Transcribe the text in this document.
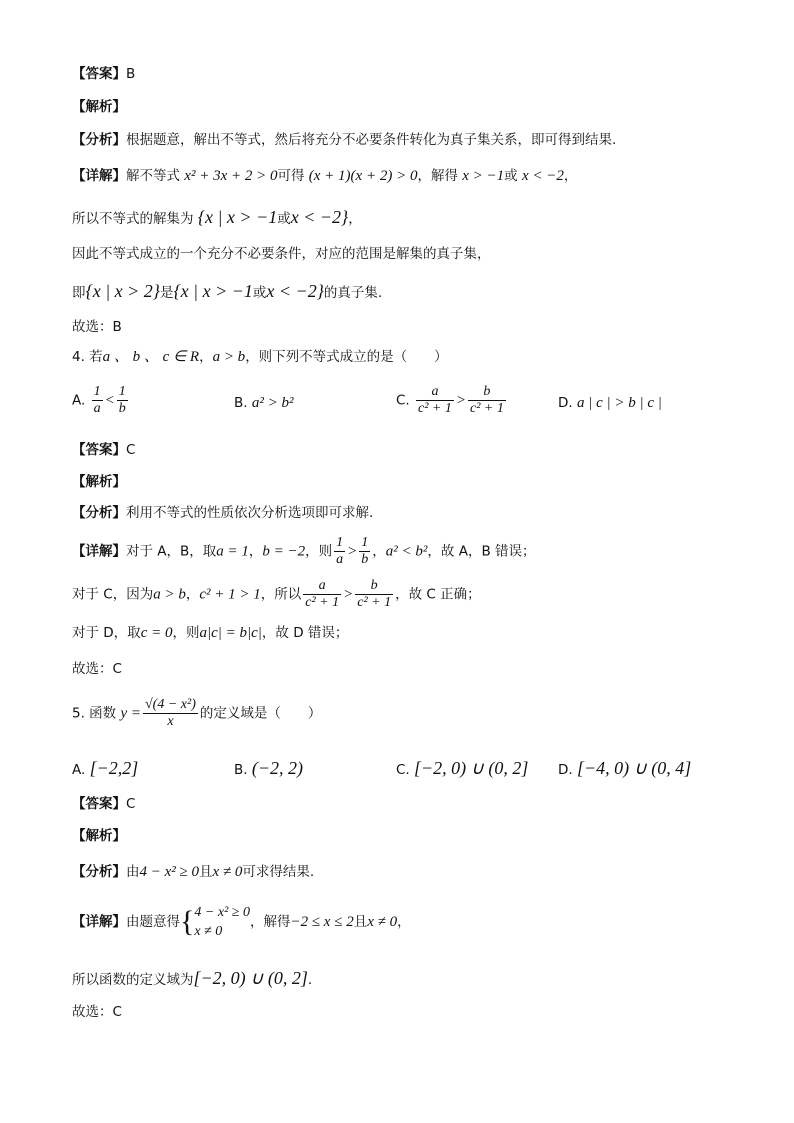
【答案】B
【解析】
【分析】根据题意，解出不等式，然后将充分不必要条件转化为真子集关系，即可得到结果.
【详解】解不等式 x² + 3x + 2 > 0可得 (x + 1)(x + 2) > 0，解得 x > −1或 x < −2，
所以不等式的解集为 {x | x > −1或x < −2}，
因此不等式成立的一个充分不必要条件，对应的范围是解集的真子集，
即{x | x > 2}是{x | x > −1或x < −2}的真子集.
故选：B
4. 若a 、 b 、 c ∈ R，a > b，则下列不等式成立的是（　　）
A. $\frac{1}{a} < \frac{1}{b}$	B. a² > b²	C. $\frac{a}{\text{c² + 1}} > \frac{b}{\text{c² + 1}}$	D. a | c | > b | c |
【答案】C
【解析】
【分析】利用不等式的性质依次分析选项即可求解.
【详解】对于 A，B，取a = 1，b = −2，则 $\frac{1}{a} > \frac{1}{b}$ ，a² < b²，故 A，B 错误；
对于 C，因为a > b，c² + 1 > 1，所以 $\frac{a}{\text{c² + 1}} > \frac{b}{\text{c² + 1}}$ ，故 C 正确；
对于 D，取c = 0，则a|c| = b|c|，故 D 错误；
故选：C
5. 函数 $y = \frac{\text{√(4 − x²)}}{x}$ 的定义域是（　　）
A. [−2,2]	B. (−2, 2)	C. [−2, 0) ∪ (0, 2] D. [−4, 0) ∪ (0, 4]
【答案】C
【解析】
【分析】由4 − x² ≥ 0且x ≠ 0可求得结果.
【详解】由题意得{ 4 − x² ≥ 0
x ≠ 0
，解得−2 ≤ x ≤ 2且x ≠ 0，
所以函数的定义域为[−2, 0) ∪ (0, 2].
故选：C
